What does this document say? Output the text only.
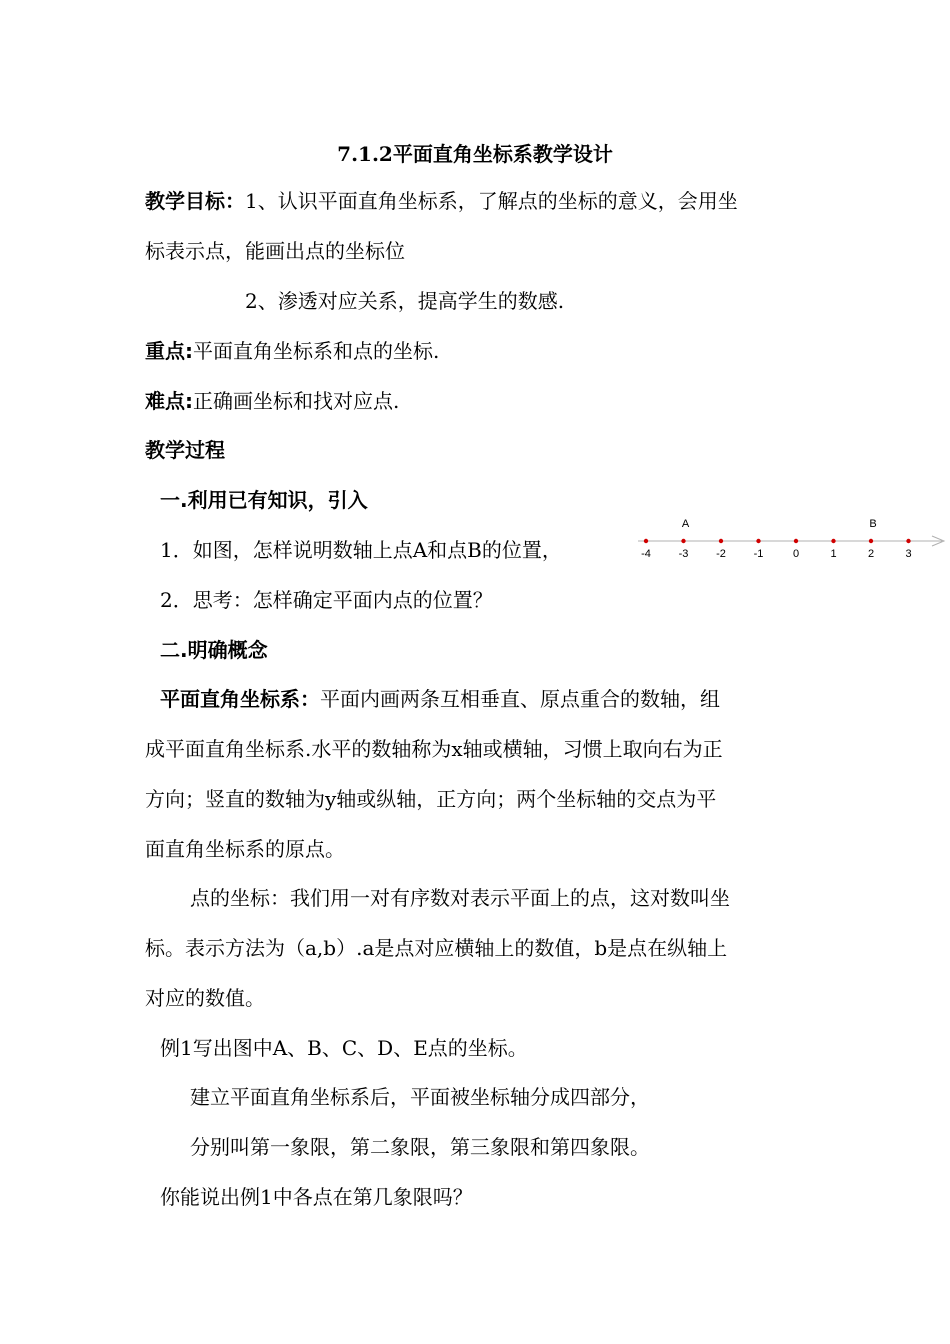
7.1.2平面直角坐标系教学设计
教学目标：1、认识平面直角坐标系，了解点的坐标的意义，会用坐
标表示点，能画出点的坐标位
2、渗透对应关系，提高学生的数感.
重点:平面直角坐标系和点的坐标.
难点:正确画坐标和找对应点.
教学过程
一.利用已有知识，引入
1．如图，怎样说明数轴上点A和点B的位置，
2．思考：怎样确定平面内点的位置？
-4	-3	-2	-1	0	1	2	3
A	B
二.明确概念
平面直角坐标系：平面内画两条互相垂直、原点重合的数轴，组
成平面直角坐标系.水平的数轴称为x轴或横轴，习惯上取向右为正
方向；竖直的数轴为y轴或纵轴，正方向；两个坐标轴的交点为平
面直角坐标系的原点。
点的坐标：我们用一对有序数对表示平面上的点，这对数叫坐
标。表示方法为（a,b）.a是点对应横轴上的数值，b是点在纵轴上
对应的数值。
例1写出图中A、B、C、D、E点的坐标。
建立平面直角坐标系后，平面被坐标轴分成四部分，
分别叫第一象限，第二象限，第三象限和第四象限。
你能说出例1中各点在第几象限吗？
